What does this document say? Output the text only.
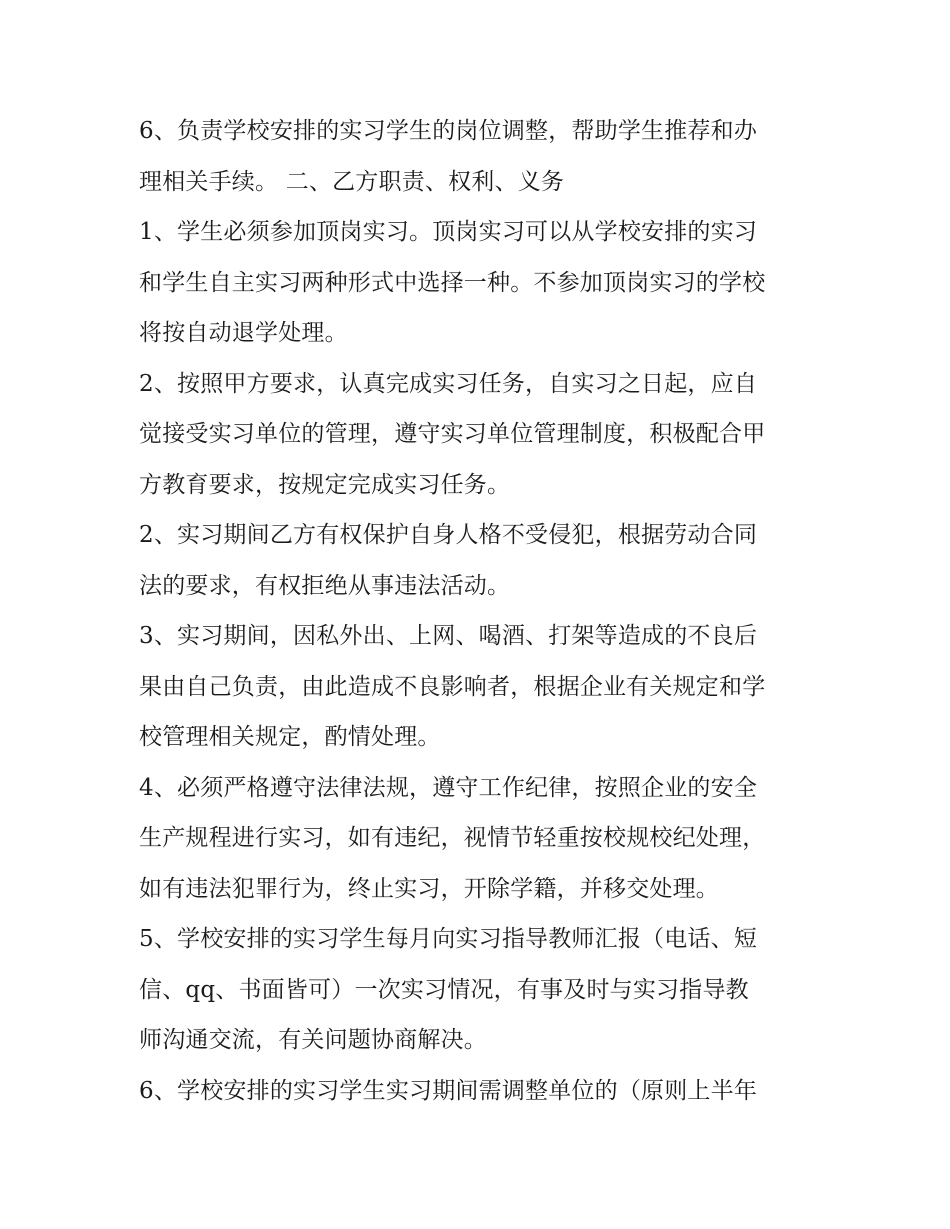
6、负责学校安排的实习学生的岗位调整，帮助学生推荐和办
理相关手续。 二、乙方职责、权利、义务
1、学生必须参加顶岗实习。顶岗实习可以从学校安排的实习
和学生自主实习两种形式中选择一种。不参加顶岗实习的学校
将按自动退学处理。
2、按照甲方要求，认真完成实习任务，自实习之日起，应自
觉接受实习单位的管理，遵守实习单位管理制度，积极配合甲
方教育要求，按规定完成实习任务。
2、实习期间乙方有权保护自身人格不受侵犯，根据劳动合同
法的要求，有权拒绝从事违法活动。
3、实习期间，因私外出、上网、喝酒、打架等造成的不良后
果由自己负责，由此造成不良影响者，根据企业有关规定和学
校管理相关规定，酌情处理。
4、必须严格遵守法律法规，遵守工作纪律，按照企业的安全
生产规程进行实习，如有违纪，视情节轻重按校规校纪处理，
如有违法犯罪行为，终止实习，开除学籍，并移交处理。
5、学校安排的实习学生每月向实习指导教师汇报（电话、短
信、qq、书面皆可）一次实习情况，有事及时与实习指导教
师沟通交流，有关问题协商解决。
6、学校安排的实习学生实习期间需调整单位的（原则上半年
